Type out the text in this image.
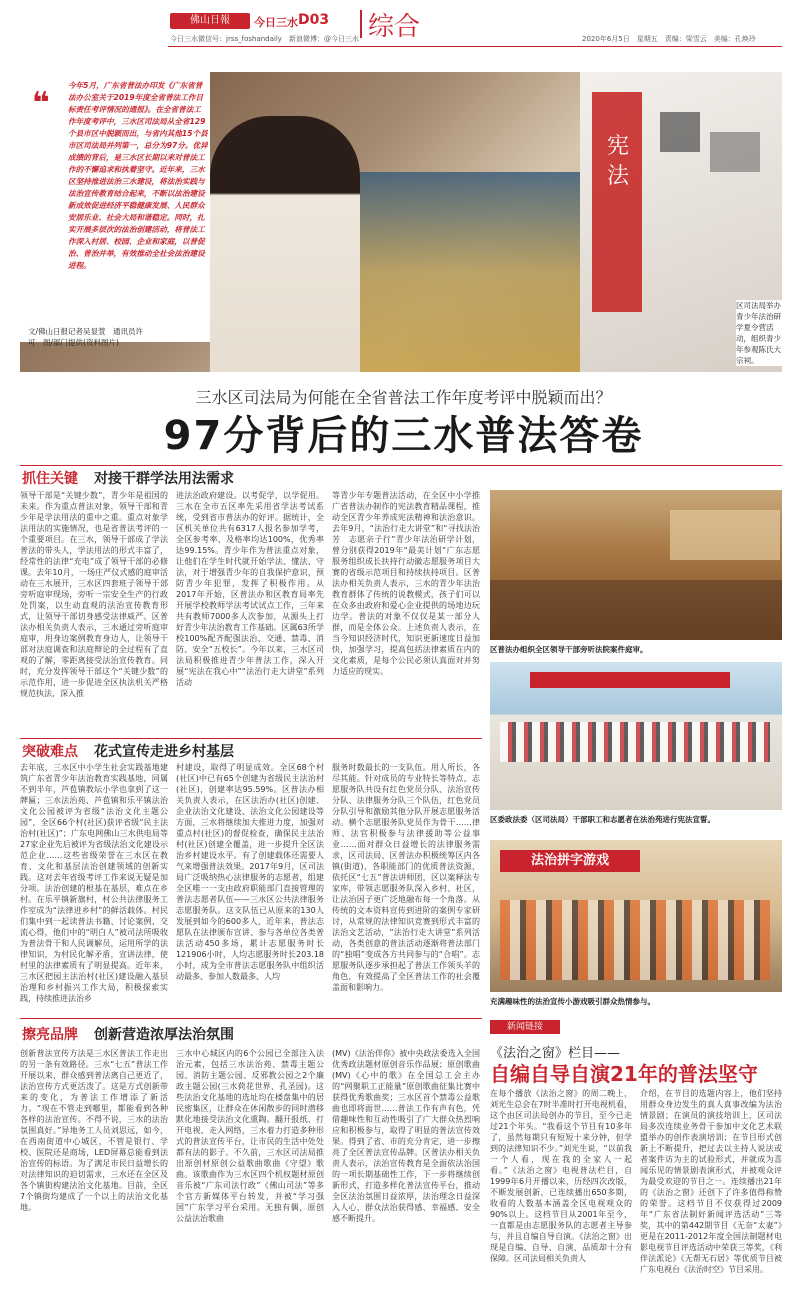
佛山日報	今日三水 D03 综合
今日三水微信号：jrss_foshandaily　新浪微博：@今日三水	2020年6月5日　星期五　责编：梁雪云　美编：孔焕玲
宪法
❝
今年5月，广东省普法办印发《广东省普法办公室关于2019年度全省普法工作目标责任考评情况的通报》。在全省普法工作年度考评中，三水区司法局从全省129个县市区中脱颖而出，与省内其他15个县市区司法局并列第一，总分为97分。优异成绩的背后，是三水区长期以来对普法工作的不懈追求和执着坚守。近年来，三水区坚持推进法治三水建设，将法治实践与法治宣传教育结合起来，不断以法治建设新成效促进经济平稳健康发展、人民群众安居乐业、社会大局和谐稳定。同时，扎实开展多层次的法治创建活动，将普法工作深入村居、校园、企业和家庭，以普促治、普治并举，有效推动全社会法治建设进程。
文/佛山日报记者吴显萱　通讯员许可　图/部门提供(资料图片)
区司法局举办青少年法治研学夏令营活动，组织青少年参观陈氏大宗祠。
三水区司法局为何能在全省普法工作年度考评中脱颖而出？
97分背后的三水普法答卷
抓住关键 对接干群学法用法需求
领导干部是“关键少数”，青少年是祖国的未来。作为重点普法对象，领导干部和青少年是学法用法的重中之重。重点对象学法用法的实施情况，也是省普法考评的一个重要项目。在三水，领导干部成了学法普法的带头人，学法用法的形式丰富了，经常性的法律“充电”成了领导干部的必修课。去年10月，一场庄严仪式感的庭审活动在三水展开，三水区四套班子领导干部旁听庭审现场，旁听一宗安全生产的行政处罚案，以生动直观的法治宣传教育形式，让领导干部切身感受法律威严。区普法办相关负责人表示，三水通过旁听庭审庭审，用身边案例教育身边人，让领导干部对法庭调查和法庭辩论的全过程有了直观的了解，零距离接受法治宣传教育。同时，充分发挥领导干部这个“关键少数”的示范作用，进一步促进全区执法机关严格规范执法，深入推
进法治政府建设。以考促学，以学促用。三水在全市五区率先采用省学法考试系统，受到省市普法办的好评。据统计，全区机关单位共有6317人报名参加学考，全区参考率、及格率均达100%，优秀率达99.15%。青少年作为普法重点对象，让他们在学生时代就开始学法、懂法、守法，对于增强青少年的自我保护意识，预防青少年犯罪，发挥了积极作用。从2017年开始，区普法办和区教育局率先开展学校教师学法考试试点工作，三年来共有教师7000多人次参加，从源头上打好青少年法治教育工作基础。区属63所学校100%配齐配强法治、交通、禁毒、消防、安全“五校长”。今年以来，三水区司法局积极推进青少年普法工作，深入开展“宪法在我心中”“法治行走大讲堂”系列活动
等青少年专题普法活动，在全区中小学推广省普法办制作的宪法教育精品课程，推动全区青少年养成宪法精神和法治意识。去年9月，“法治行走大讲堂”和“寻找法治芳　志愿亲子行”青少年法治研学计划，曾分别获得2019年“最美计划”广东志愿服务组织成长扶持行动徽志愿服务项目大赛的省级示范项目和持续扶持项目。区普法办相关负责人表示，三水的青少年法治教育群体了传统的说教模式，孩子们可以在众多由政府和爱心企业提供的场地边玩边学。普法的对象不仅仅是某一部分人群，而是全体公众。上述负责人表示，在当今知识经济时代，知识更新速度日益加快，加强学习，提高包括法律素质在内的文化素质，是每个公民必须认真面对并努力适应的现实。
区普法办组织全区领导干部旁听法院案件庭审。
突破难点 花式宣传走进乡村基层
去年底，三水区中小学生社会实践基地建筑广东省青少年法治教育实践基地，同属不到半年，芦苞镇教坛小学也拿到了这一牌匾；三水法治苑、芦苞镇和乐平镇法治文化公园被评为省级“法治文化主题公园”，全区66个村(社区)获评省级“民主法治村(社区)”；广东电网佛山三水供电局等27家企业先后被评为省级法治文化建设示范企业……这些省级荣誉在三水区在教育、文化和基层法治创建领域的创新实践。这对去年省级考评工作来说无疑是加分项。法治创建的根基在基层，难点在乡村。在乐平镇新旗村，村公共法律服务工作室成为“法律进乡村”的鲜活载体。村民们集中到一起读普法书籍、讨论案例、交流心得，他们中的“明白人”被司法所吸收为普法骨干和人民调解员，运用所学的法律知识，为村民化解矛盾，宣讲法律，使村里的法律素质有了明显提高。近年来，三水区把园主法治村(社区)建设融入基层治理和乡村振兴工作大局，积极探索实践，持续推进法治乡
村建设，取得了明显成效。全区68个村(社区)中已有65个创建为省级民主法治村(社区)，创建率达95.59%。区普法办相关负责人表示，在区法治办(社区)创建、企业法治文化建设、法治文化公园建设等方面，三水将继续加大推进力度，加强对重点村(社区)的督促检查，确保民主法治村(社区)创建全覆盖，进一步提升全区法治乡村建设水平。有了创建载体还需要人气来增强普法效果。2017年9月，区司法局广泛吸纳热心法律服务的志愿者，组建全区唯一一支由政府职能部门直接管理的普法志愿者队伍——三水区公共法律服务志愿服务队。这支队伍已从原来的130人发展到如今的600多人，近年来，普法志愿队在法律颁布宣讲、参与各单位各类普法活动450多场，累计志愿服务时长121906小时，人均志愿服务时长203.18小时，成为全市普法志愿服务队中组织活动最多、参加人数最多、人均
服务时数最长的一支队伍。用人所长，各尽其能。针对成员的专业特长等特点，志愿服务队共设有红色党员分队、法治宣传分队、法律服务分队三个队伍，红色党员分队引导和激励其他分队开展志愿服务活动。横个志愿服务队党员作为骨干……律师、法官积极参与法律援助等公益事业……面对群众日益增长的法律服务需求，区司法局、区普法办积极统筹区内各镇(街道)、各职能部门的优质普法资源，依托区“七五”普法讲师团，区以案释法专家库，带领志愿服务队深入乡村、社区，让法治因子更广泛地融布每一个角落。从传统的文本资料宣传到进阶的案例专家研讨，从常规的法律知识竞赛到形式丰富的法治文艺活动，“法治行走大讲堂”系列活动，各类创意的普法活动逐渐将普法部门的“独唱”变成各方共同参与的“合唱”。志愿服务队逐步承担起了普法工作领头羊的角色，有效提高了全区普法工作的社会覆盖面和影响力。
区委政法委（区司法局）干部职工和志愿者在法治苑进行宪法宣誓。
法治拼字游戏
充满趣味性的法治宣传小游戏吸引群众热情参与。
擦亮品牌 创新营造浓厚法治氛围
创新普法宣传方法是三水区普法工作走出的另一条有效路径。三水“七五”普法工作开展以来，群众感到普法离自己更近了，法治宣传方式更活泼了。这是方式创新带来的变化，为普法工作增添了新活力。“现在不管走到哪里，都能看到各种各样的法治宣传。不得不说，三水的法治氛围真好。”异地务工人员刘思远，如今，在西南街道中心城区，不管是银行、学校、医院还是商场，LED屏幕总能看到法治宣传的标语。为了满足市民日益增长的对法律知识的迫切需求，三水还在全区及各个镇街构建法治文化基地。目前，全区7个镇街均建成了一个以上的法治文化基地。
三水中心城区内的6个公园已全部注入法治元素，包括三水法治苑、禁毒主题公园、消防主题公园、反邪教公园之2个廉政主题公园(三水荷花世界、孔圣园)。这些法治文化基地的选址均在楼盘集中的居民密集区，让群众在休闲散步的同时潜移默化地接受法治文化熏陶。翻开报纸、打开电视、走入网络，三水着力打造多种形式的普法宣传平台，让市民的生活中处处都有法的影子。不久前，三水区司法局推出原创材原创公益歌曲歌曲《守望》歌曲。该歌曲作为三水区四个机权题材原创音乐被“广东司法行政”《佛山司法”等多个官方新媒体平台转发，并被“学习强国”广东学习平台采用。无独有偶，原创公益法治歌曲
(MV)《法治伴你》被中央政法委选入全国优秀政法题材原创音乐作品展；原创歌曲(MV)《心中的歌》在全国总工会主办的“网聚职工正能量”原创歌曲征集比赛中获得优秀歌曲奖；三水区首个禁毒公益歌曲也即将面世……普法工作有声有色，凭借趣味性和互动性吸引了广大群众热烈响应和积极参与，取得了明显的普法宣传效果。得到了省、市的充分肯定，进一步擦亮了全区普法宣传品牌。区普法办相关负责人表示，法治宣传教育是全面依法治国的一项长期基础性工作，下一步将继续创新形式，打造多样化普法宣传平台，推动全区法治氛围日益浓厚，法治理念日益深入人心，群众法治获得感、幸福感、安全感不断提升。
新闻链接
《法治之窗》栏目——
自编自导自演21年的普法坚守
在每个播放《法治之窗》的周二晚上，刘光生总会在7时半准时打开电视机看，这个由区司法局创办的节目，至今已走过21个年头。“我看这个节目有10多年了，虽然每期只有短短十来分钟，但学到的法律知识不少。”刘光生说，“以前我一个人看，现在我的全家人一起看。”《法治之窗》电视普法栏目，自1999年6月开播以来，历经四次改版，不断发展创新，已连续播出650多期，收看的人数基本涵盖全区电视观众的90%以上。这档节目从2001年至今，一直都是由志愿服务队的志愿者主导参与，并且自编自导自演。《法治之窗》出现是自编、自导、自演，品质却十分有保障。区司法局相关负责人
介绍，在节目的选题内容上，他们坚持用群众身边发生的真人真事改编为法治情景剧；在演员的演技培训上，区司法局多次连续业务骨干参加中文化艺术联盟举办的创作表演培训；在节目形式创新上不断提升，把过去以主持人说法或者案件访为主的试验形式，并就成为喜闻乐见的情景剧表演形式，并被观众评为最受欢迎的节目之一。连续播出21年的《法治之窗》还创下了许多值得称赞的荣誉。这档节目不仅获得过2009年“广东省法制好新闻评选活动”三等奖，其中的第442期节目《无奈“太妻”》更是在2011-2012年度全国法制题材电影电视节目评选活动中荣获三等奖，《利伴法派论》《无帮无石居》等优质节目被广东电视台《法治时空》节目采用。
